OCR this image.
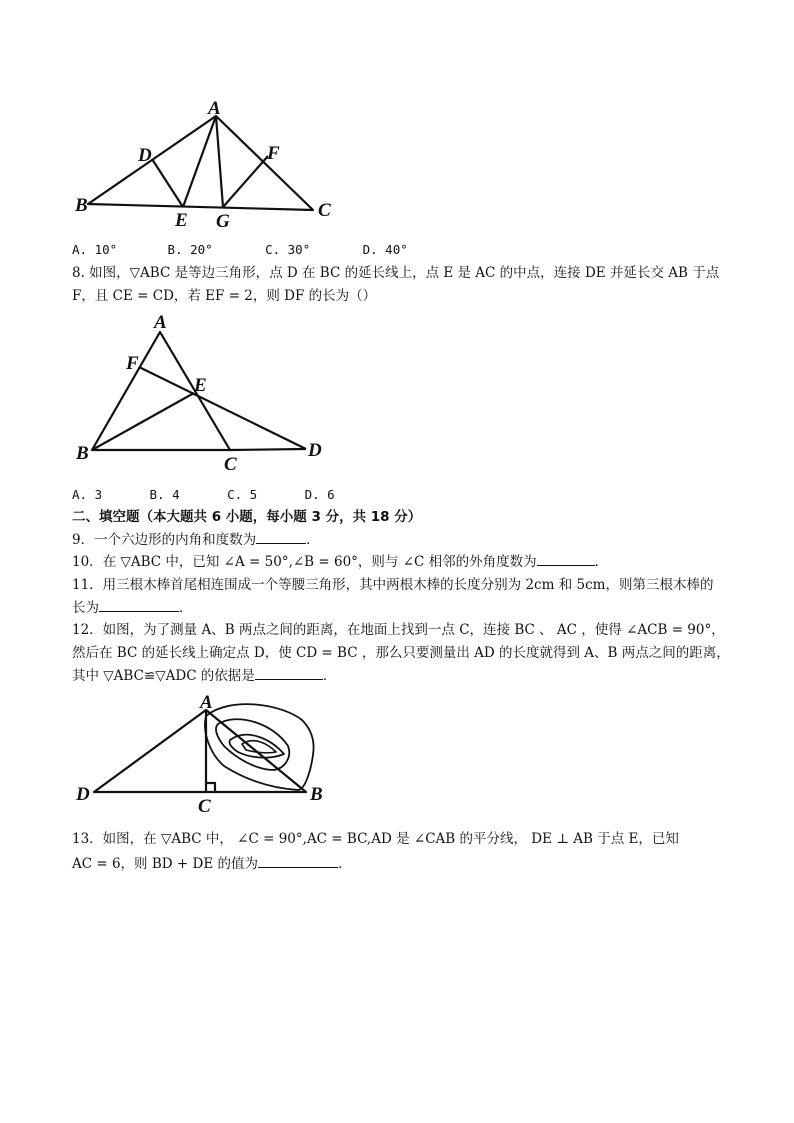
A
B	C
D
E
F
G
A. 10°	B. 20°	C. 30°	D. 40°
8. 如图，▽ABC 是等边三角形，点 D 在 BC 的延长线上，点 E 是 AC 的中点，连接 DE 并延长交 AB 于点
F，且 CE = CD，若 EF = 2，则 DF 的长为（）
A
B
C
D
E
F
A. 3	B. 4	C. 5	D. 6
二、填空题（本大题共 6 小题，每小题 3 分，共 18 分）
9．一个六边形的内角和度数为	．
10．在 ▽ABC 中，已知 ∠A = 50°,∠B = 60°，则与 ∠C 相邻的外角度数为	．
11．用三根木棒首尾相连围成一个等腰三角形，其中两根木棒的长度分别为 2cm 和 5cm，则第三根木棒的
长为	．
12．如图，为了测量 A、B 两点之间的距离，在地面上找到一点 C，连接 BC 、 AC ，使得 ∠ACB = 90°，
然后在 BC 的延长线上确定点 D，使 CD = BC ，那么只要测量出 AD 的长度就得到 A、B 两点之间的距离，
其中 ▽ABC≌▽ADC 的依据是	．
A
B
C
D
13．如图，在 ▽ABC 中， ∠C = 90°,AC = BC,AD 是 ∠CAB 的平分线， DE ⊥ AB 于点 E，已知
AC = 6，则 BD + DE 的值为	．
